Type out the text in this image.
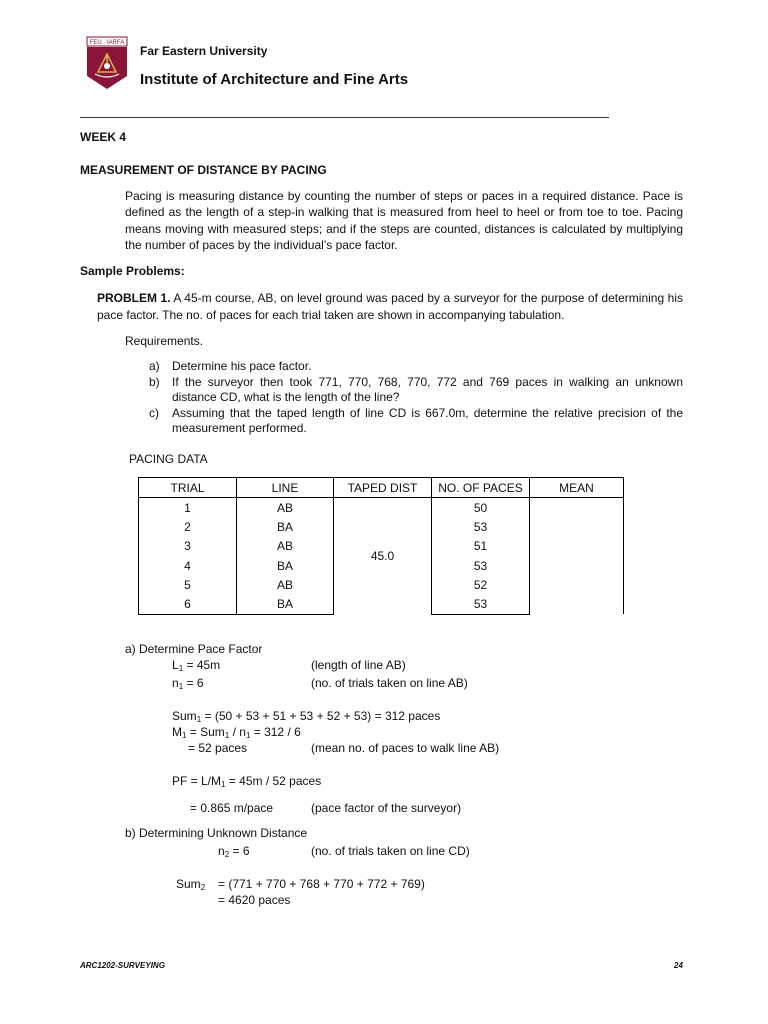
FEU · IARFA
Far Eastern University
Institute of Architecture and Fine Arts
WEEK 4
MEASUREMENT OF DISTANCE BY PACING
Pacing is measuring distance by counting the number of steps or paces in a required distance. Pace is defined as the length of a step-in walking that is measured from heel to heel or from toe to toe. Pacing means moving with measured steps; and if the steps are counted, distances is calculated by multiplying the number of paces by the individual’s pace factor.
Sample Problems:
PROBLEM 1. A 45-m course, AB, on level ground was paced by a surveyor for the purpose of determining his pace factor. The no. of paces for each trial taken are shown in accompanying tabulation.
Requirements.
a)	Determine his pace factor.
b)	If the surveyor then took 771, 770, 768, 770, 772 and 769 paces in walking an unknown distance CD, what is the length of the line?
c)	Assuming that the taped length of line CD is 667.0m, determine the relative precision of the measurement performed.
PACING DATA
TRIAL	LINE	TAPED DIST	NO. OF PACES	MEAN
1	AB	45.0	50	
2	BA		53	
3	AB		51	
4	BA		53	
5	AB		52	
6	BA		53	
a) Determine Pace Factor
$L_1 = 45m$	(length of line AB)
$n_1 = 6$	(no. of trials taken on line AB)
Sum$_1$ = (50 + 53 + 51 + 53 + 52 + 53) = 312 paces
$M_1 = Sum_1 / n_1 = 312 / 6$
= 52 paces	(mean no. of paces to walk line AB)
PF = $L/M_1 = 45m / 52$ paces
= 0.865 m/pace	(pace factor of the surveyor)
b) Determining Unknown Distance
$n_2 = 6$	(no. of trials taken on line CD)
Sum$_2$ = (771 + 770 + 768 + 770 + 772 + 769)
= 4620 paces
ARC1202-SURVEYING	24
